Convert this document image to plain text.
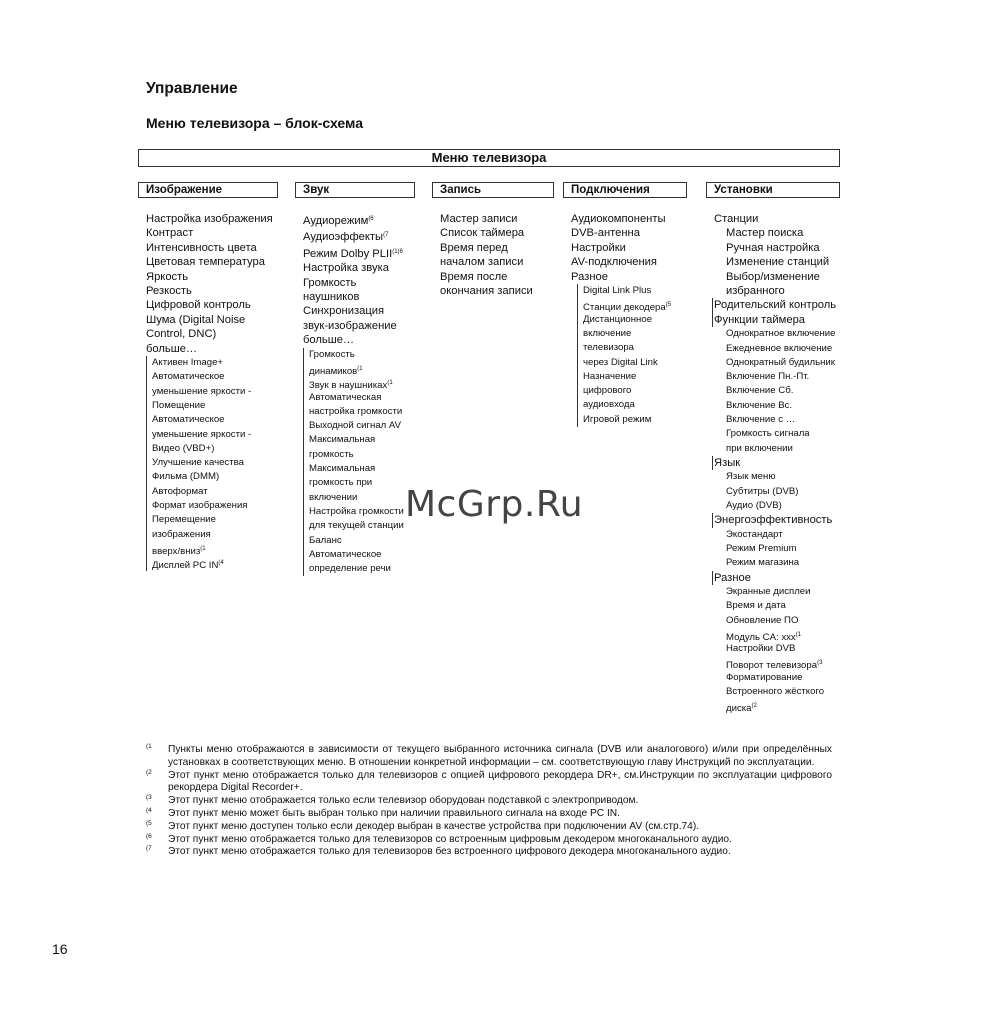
Управление
Меню телевизора – блок-схема
Меню телевизора
Изображение	Звук	Запись	Подключения	Установки
Настройка изображения
Контраст
Интенсивность цвета
Цветовая температура
Яркость
Резкость
Цифровой контроль
Шума (Digital Noise
Control, DNC)
больше…
Активен Image+
Автоматическое
уменьшение яркости -
Помещение
Автоматическое
уменьшение яркости -
Видео (VBD+)
Улучшение качества
Фильма (DMM)
Автоформат
Формат изображения
Перемещение
изображения
вверх/вниз$^{(1}$
Дисплей PC IN$^{(4}$
Аудиорежим$^{(6}$
Аудиоэффекты$^{(7}$
Режим Dolby $PLII^{(1(6}$
Настройка звука
Громкость
наушников
Синхронизация
звук-изображение
больше…
Громкость
динамиков$^{(1}$
Звук в наушниках$^{(1}$
Автоматическая
настройка громкости
Выходной сигнал AV
Максимальная
громкость
Максимальная
громкость при
включении
Настройка громкости
для текущей станции
Баланс
Автоматическое
определение речи
Мастер записи
Список таймера
Время перед
началом записи
Время после
окончания записи
Аудиокомпоненты
DVB-антенна
Настройки
AV-подключения
Разное
Digital Link Plus
Станции декодера$^{(5}$
Дистанционное
включение
телевизора
через Digital Link
Назначение
цифрового
аудиовхода
Игровой режим
Станции
Мастер поиска
Ручная настройка
Изменение станций
Выбор/изменение
избранного
Родительский контроль
Функции таймера
Однократное включение
Ежедневное включение
Однократный будильник
Включение Пн.-Пт.
Включение Сб.
Включение Вс.
Включение с …
Громкость сигнала
при включении
Язык
Язык меню
Субтитры (DVB)
Аудио (DVB)
Энергоэффективность
Экостандарт
Режим Premium
Режим магазина
Разное
Экранные дисплеи
Время и дата
Обновление ПО
Модуль CA: xxx$^{(1}$
Настройки DVB
Поворот телевизора$^{(3}$
Форматирование
Встроенного жёсткого
диска$^{(2}$
McGrp.Ru
(1 Пункты меню отображаются в зависимости от текущего выбранного источника сигнала (DVB или аналогового) и/или при определённых установках в соответствующих меню. В отношении конкретной информации – см. соответствующую главу Инструкций по эксплуатации.
(2 Этот пункт меню отображается только для телевизоров с опцией цифрового рекордера DR+, см.Инструкции по эксплуатации цифрового рекордера Digital Recorder+.
(3 Этот пункт меню отображается только если телевизор оборудован подставкой с электроприводом.
(4 Этот пункт меню может быть выбран только при наличии правильного сигнала на входе PC IN.
(5 Этот пункт меню доступен только если декодер выбран в качестве устройства при подключении AV (см.стр.74).
(6 Этот пункт меню отображается только для телевизоров со встроенным цифровым декодером многоканального аудио.
(7 Этот пункт меню отображается только для телевизоров без встроенного цифрового декодера многоканального аудио.
16
